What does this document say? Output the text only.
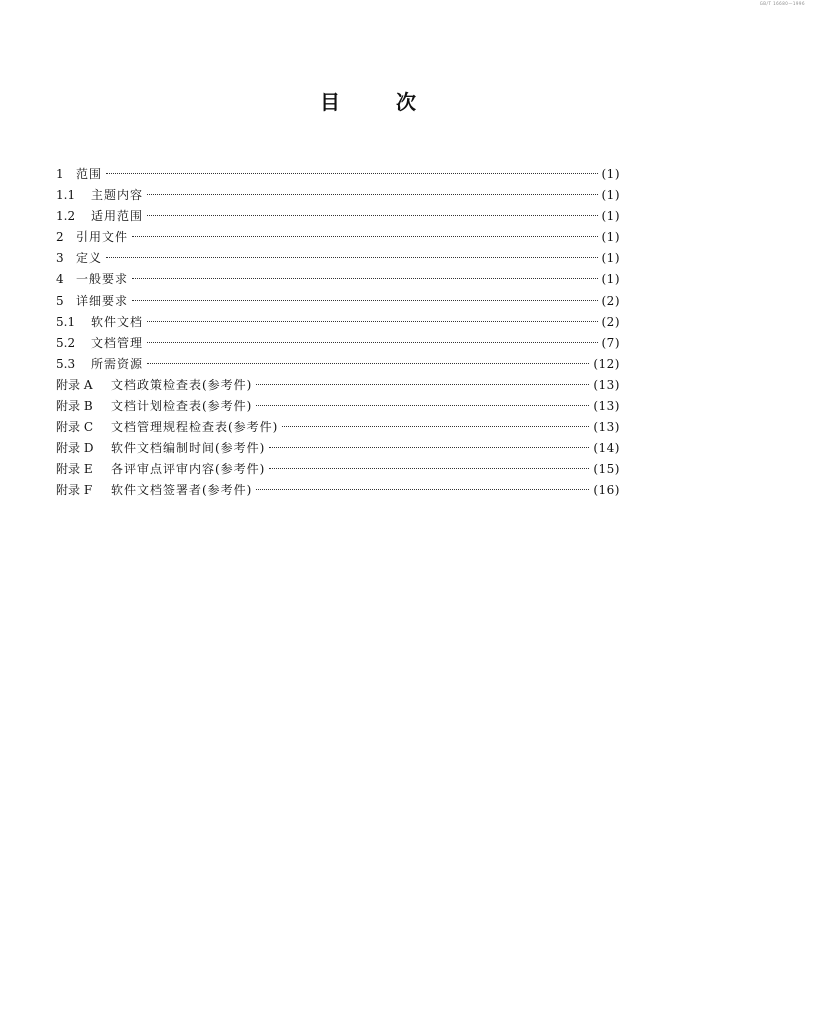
GB/T 16680—1996
目次
1	范围	(1)
1.1	主题内容	(1)
1.2	适用范围	(1)
2	引用文件	(1)
3	定义	(1)
4	一般要求	(1)
5	详细要求	(2)
5.1	软件文档	(2)
5.2	文档管理	(7)
5.3	所需资源	(12)
附录 A	文档政策检查表(参考件)	(13)
附录 B	文档计划检查表(参考件)	(13)
附录 C	文档管理规程检查表(参考件)	(13)
附录 D	软件文档编制时间(参考件)	(14)
附录 E	各评审点评审内容(参考件)	(15)
附录 F	软件文档签署者(参考件)	(16)
